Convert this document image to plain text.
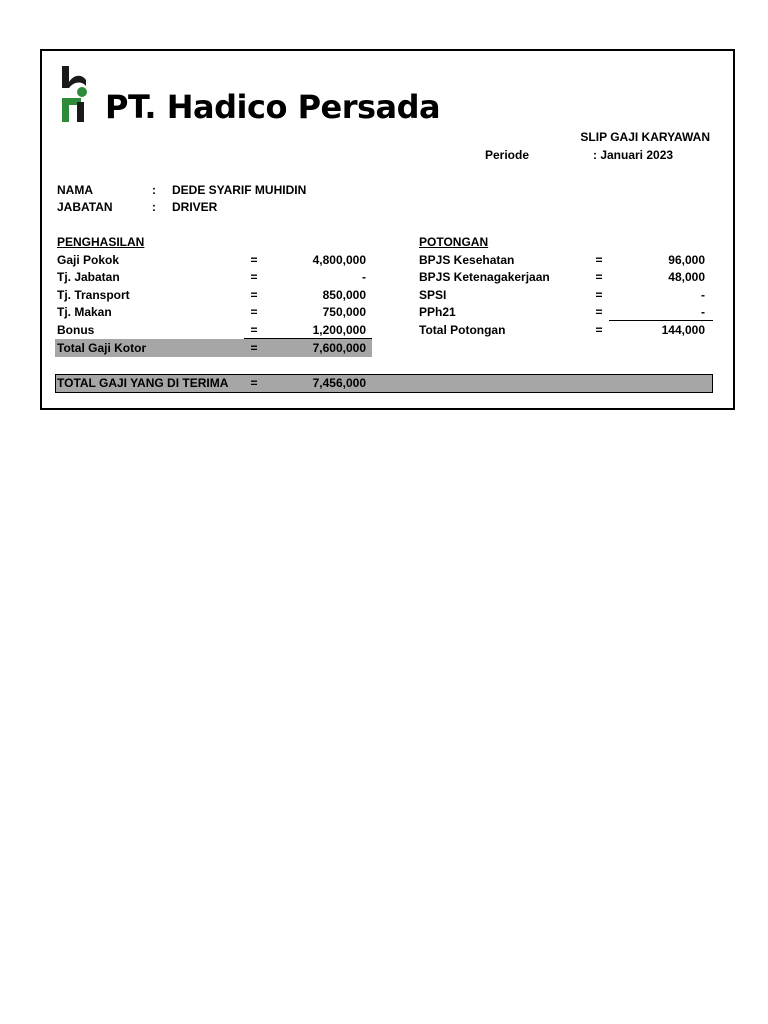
PT. Hadico Persada
SLIP GAJI KARYAWAN
Periode	: Januari 2023
NAMA	: DEDE SYARIF MUHIDIN
JABATAN	: DRIVER
PENGHASILAN
Gaji Pokok	=	4,800,000
Tj. Jabatan	=	-
Tj. Transport	=	850,000
Tj. Makan	=	750,000
Bonus	=	1,200,000
Total Gaji Kotor	=	7,600,000
POTONGAN
BPJS Kesehatan	=	96,000
BPJS Ketenagakerjaan	=	48,000
SPSI	=	-
PPh21	=	-
Total Potongan	=	144,000
TOTAL GAJI YANG DI TERIMA	=	7,456,000
